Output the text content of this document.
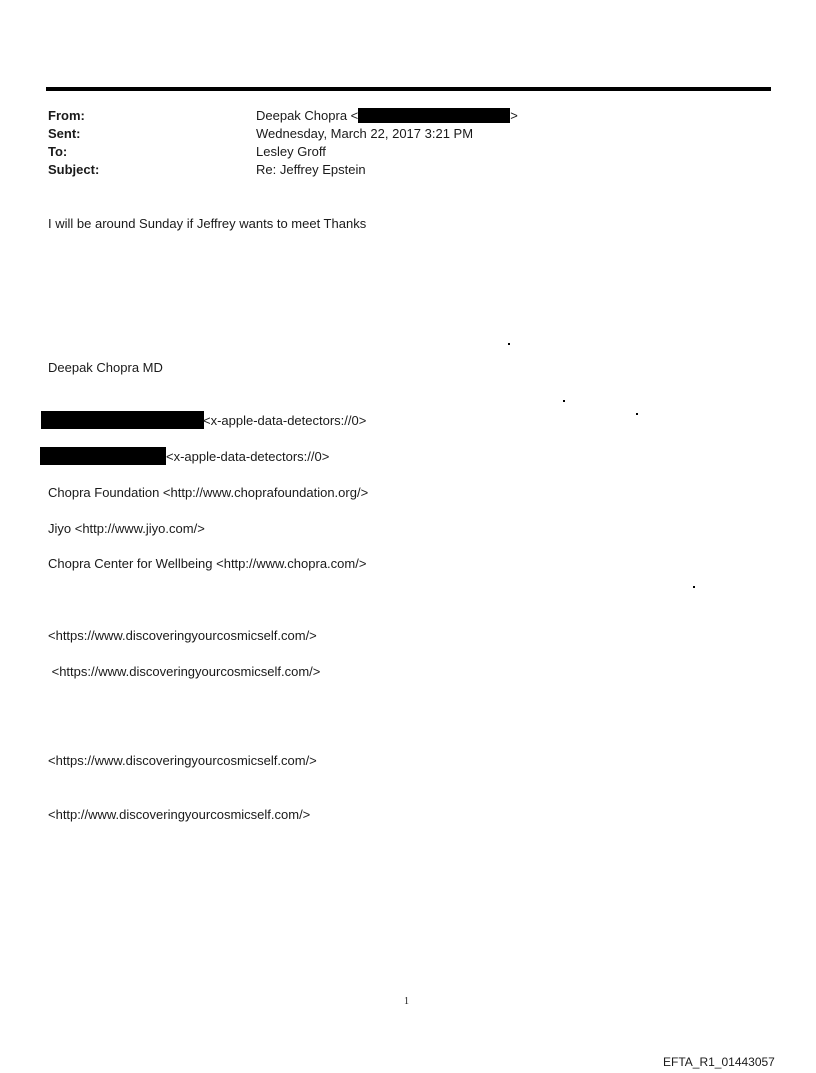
From:	Deepak Chopra <	>
Sent:	Wednesday, March 22, 2017 3:21 PM
To:	Lesley Groff
Subject:	Re: Jeffrey Epstein
I will be around Sunday if Jeffrey wants to meet Thanks
Deepak Chopra MD
<x-apple-data-detectors://0>
<x-apple-data-detectors://0>
Chopra Foundation <http://www.choprafoundation.org/>
Jiyo <http://www.jiyo.com/>
Chopra Center for Wellbeing <http://www.chopra.com/>
<https://www.discoveringyourcosmicself.com/>
<https://www.discoveringyourcosmicself.com/>
<https://www.discoveringyourcosmicself.com/>
<http://www.discoveringyourcosmicself.com/>
1
EFTA_R1_01443057
